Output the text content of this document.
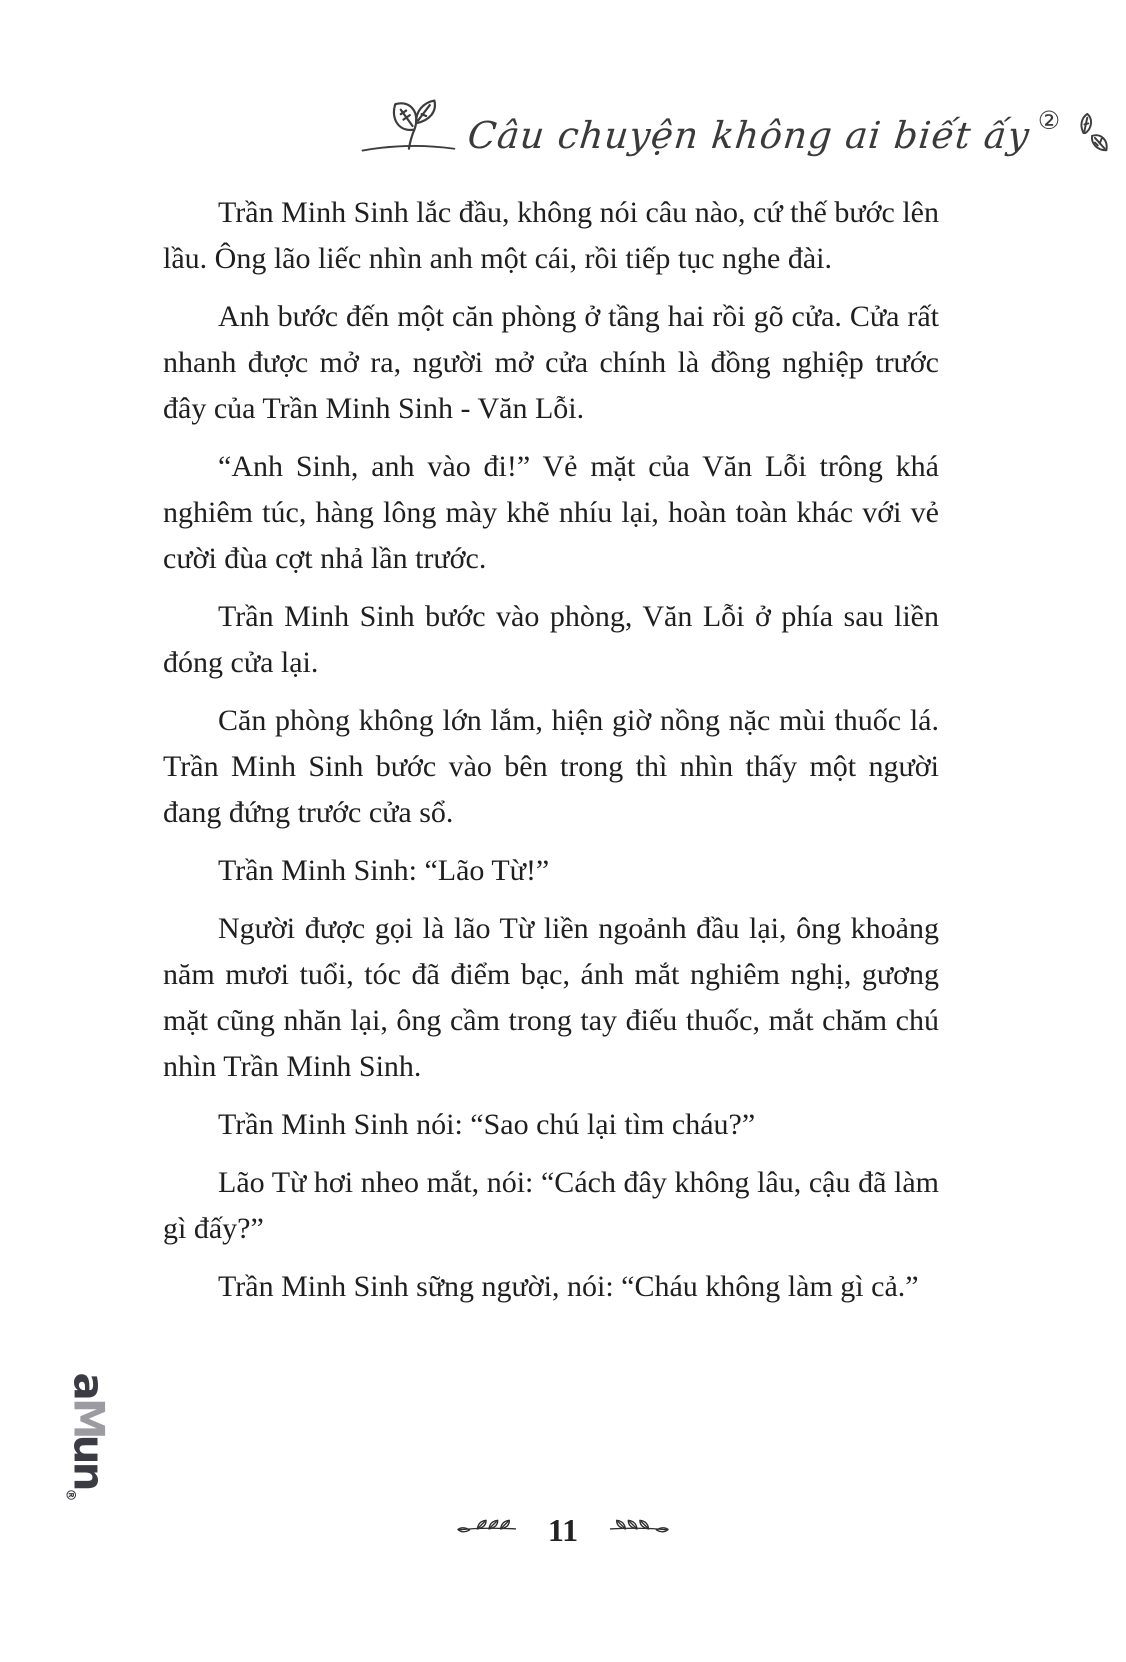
Câu chuyện không ai biết ấy ②

Trần Minh Sinh lắc đầu, không nói câu nào, cứ thế bước lên lầu. Ông lão liếc nhìn anh một cái, rồi tiếp tục nghe đài.

Anh bước đến một căn phòng ở tầng hai rồi gõ cửa. Cửa rất nhanh được mở ra, người mở cửa chính là đồng nghiệp trước đây của Trần Minh Sinh - Văn Lỗi.

“Anh Sinh, anh vào đi!” Vẻ mặt của Văn Lỗi trông khá nghiêm túc, hàng lông mày khẽ nhíu lại, hoàn toàn khác với vẻ cười đùa cợt nhả lần trước.

Trần Minh Sinh bước vào phòng, Văn Lỗi ở phía sau liền đóng cửa lại.

Căn phòng không lớn lắm, hiện giờ nồng nặc mùi thuốc lá. Trần Minh Sinh bước vào bên trong thì nhìn thấy một người đang đứng trước cửa sổ.

Trần Minh Sinh: “Lão Từ!”

Người được gọi là lão Từ liền ngoảnh đầu lại, ông khoảng năm mươi tuổi, tóc đã điểm bạc, ánh mắt nghiêm nghị, gương mặt cũng nhăn lại, ông cầm trong tay điếu thuốc, mắt chăm chú nhìn Trần Minh Sinh.

Trần Minh Sinh nói: “Sao chú lại tìm cháu?”

Lão Từ hơi nheo mắt, nói: “Cách đây không lâu, cậu đã làm gì đấy?”

Trần Minh Sinh sững người, nói: “Cháu không làm gì cả.”

aMun®
11
